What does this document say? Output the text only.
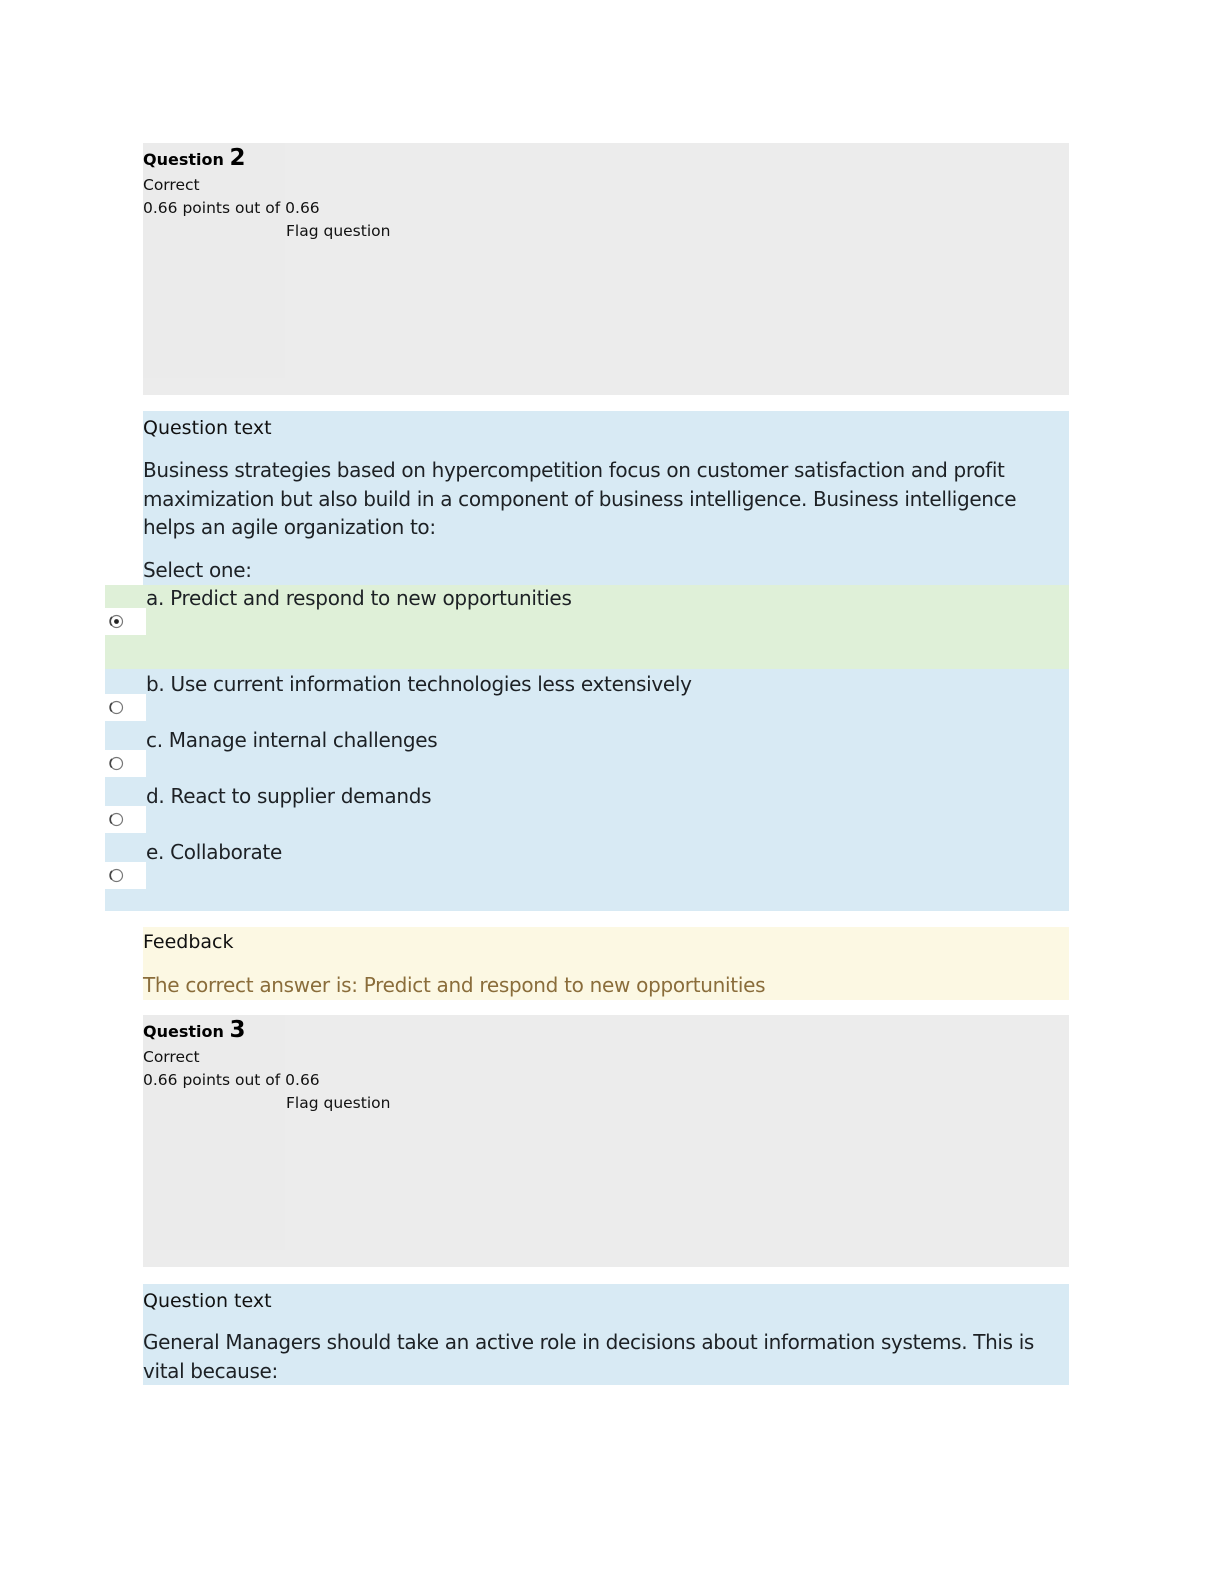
Question 2
Correct
0.66 points out of 0.66
Flag question
Question text
Business strategies based on hypercompetition focus on customer satisfaction and profit maximization but also build in a component of business intelligence. Business intelligence helps an agile organization to:
Select one:
a. Predict and respond to new opportunities
b. Use current information technologies less extensively
c. Manage internal challenges
d. React to supplier demands
e. Collaborate
Feedback
The correct answer is: Predict and respond to new opportunities
Question 3
Correct
0.66 points out of 0.66
Flag question
Question text
General Managers should take an active role in decisions about information systems. This is vital because:
